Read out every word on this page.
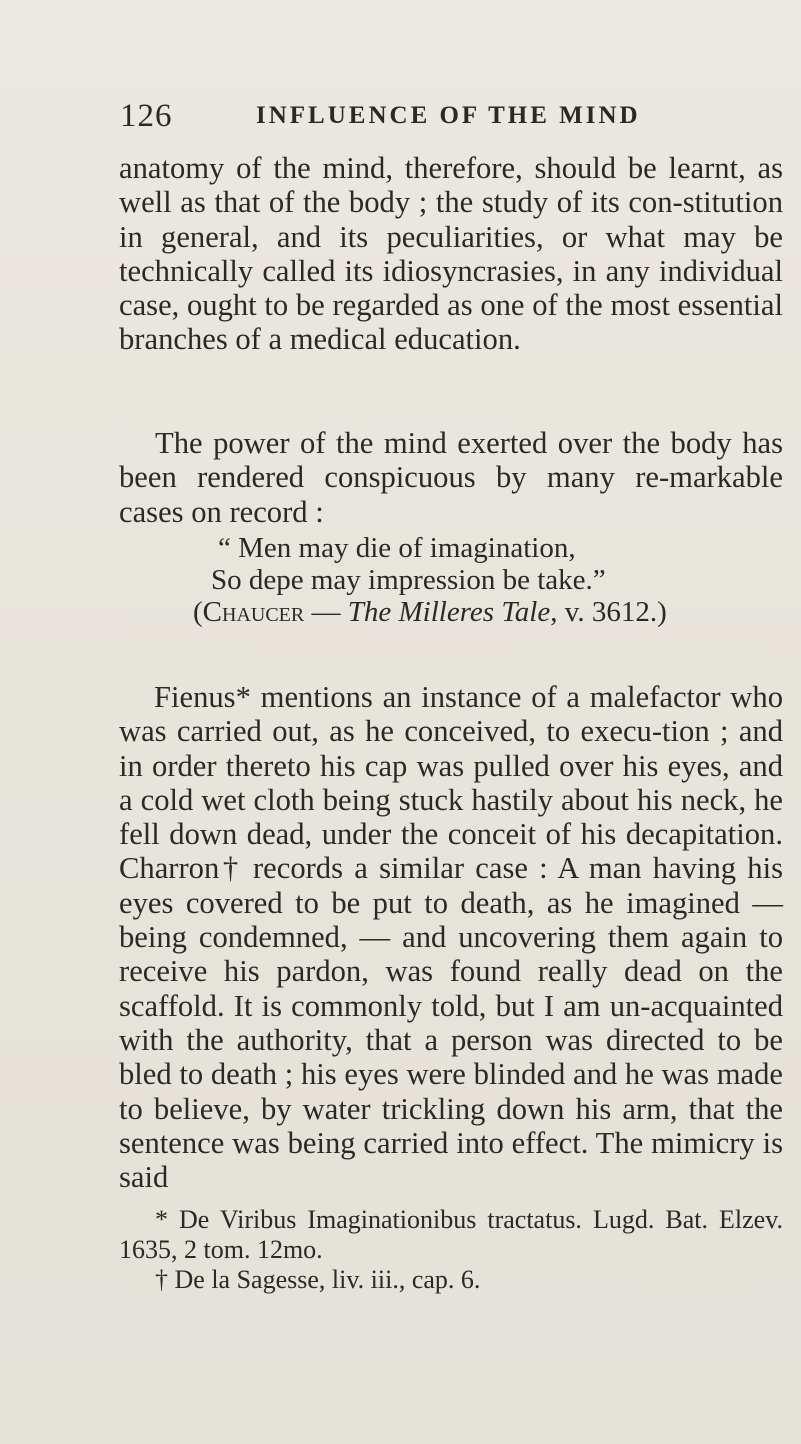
126	INFLUENCE OF THE MIND

anatomy of the mind, therefore, should be learnt, as well as that of the body ; the study of its con-stitution in general, and its peculiarities, or what may be technically called its idiosyncrasies, in any individual case, ought to be regarded as one of the most essential branches of a medical education.

The power of the mind exerted over the body has been rendered conspicuous by many re-markable cases on record :

“ Men may die of imagination,
So depe may impression be take.”
(Chaucer — The Milleres Tale, v. 3612.)

Fienus* mentions an instance of a malefactor who was carried out, as he conceived, to execu-tion ; and in order thereto his cap was pulled over his eyes, and a cold wet cloth being stuck hastily about his neck, he fell down dead, under the conceit of his decapitation. Charron† records a similar case : A man having his eyes covered to be put to death, as he imagined — being condemned, — and uncovering them again to receive his pardon, was found really dead on the scaffold. It is commonly told, but I am un-acquainted with the authority, that a person was directed to be bled to death ; his eyes were blinded and he was made to believe, by water trickling down his arm, that the sentence was being carried into effect. The mimicry is said

* De Viribus Imaginationibus tractatus. Lugd. Bat. Elzev. 1635, 2 tom. 12mo.

† De la Sagesse, liv. iii., cap. 6.
